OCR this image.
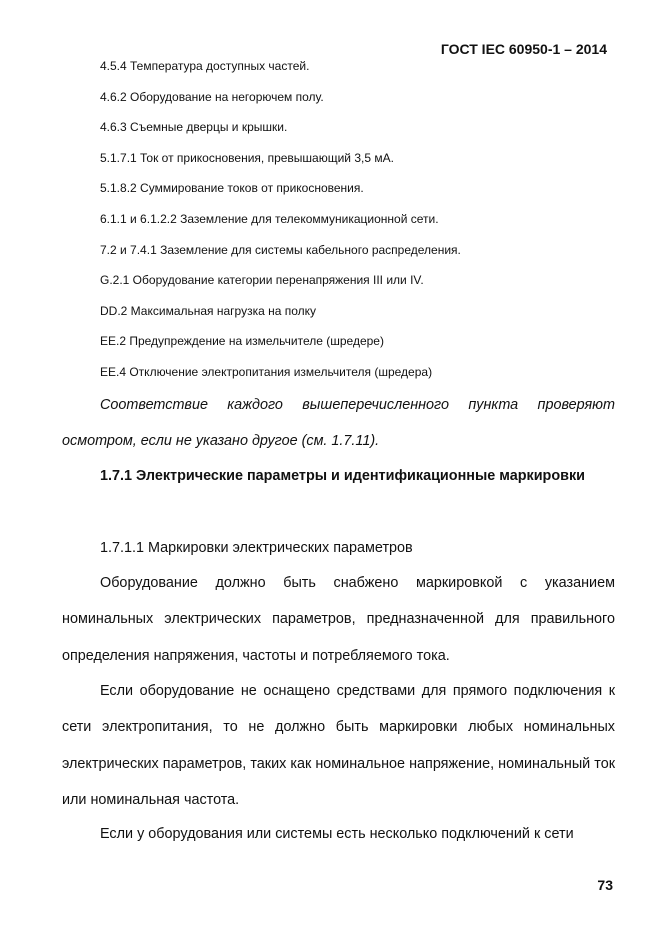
ГОСТ IEC 60950-1 – 2014
4.5.4 Температура доступных частей.
4.6.2 Оборудование на негорючем полу.
4.6.3 Съемные дверцы и крышки.
5.1.7.1 Ток от прикосновения, превышающий 3,5 мА.
5.1.8.2 Суммирование токов от прикосновения.
6.1.1 и 6.1.2.2 Заземление для телекоммуникационной сети.
7.2 и 7.4.1 Заземление для системы кабельного распределения.
G.2.1 Оборудование категории перенапряжения III или IV.
DD.2 Максимальная нагрузка на полку
EE.2 Предупреждение на измельчителе (шредере)
EE.4 Отключение электропитания измельчителя (шредера)
Соответствие каждого вышеперечисленного пункта проверяют осмотром, если не указано другое (см. 1.7.11).
1.7.1 Электрические параметры и идентификационные маркировки
1.7.1.1 Маркировки электрических параметров
Оборудование должно быть снабжено маркировкой с указанием номинальных электрических параметров, предназначенной для правильного определения напряжения, частоты и потребляемого тока.
Если оборудование не оснащено средствами для прямого подключения к сети электропитания, то не должно быть маркировки любых номинальных электрических параметров, таких как номинальное напряжение, номинальный ток или номинальная частота.
Если у оборудования или системы есть несколько подключений к сети
73
